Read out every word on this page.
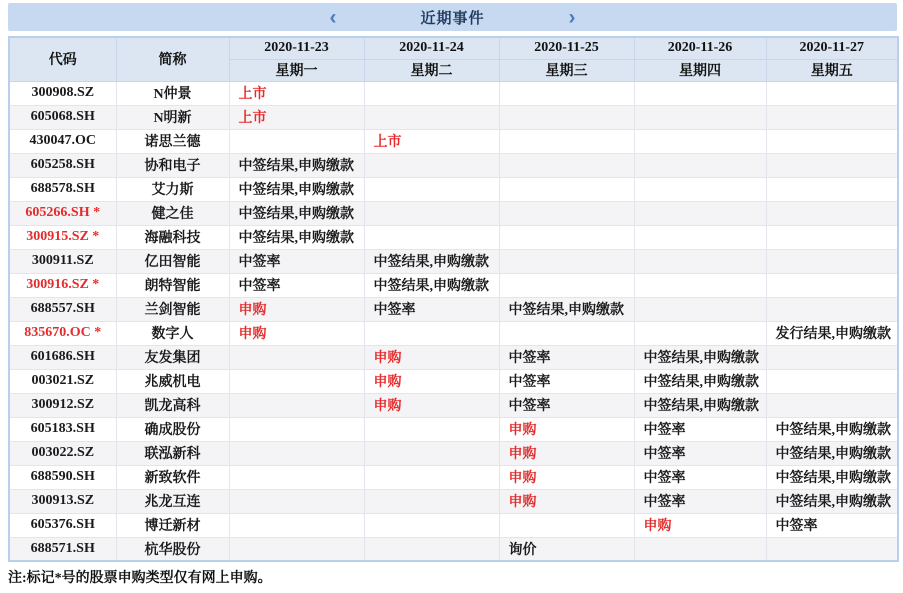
‹	近期事件	›
代码	简称	2020-11-23	2020-11-24	2020-11-25	2020-11-26	2020-11-27
		星期一	星期二	星期三	星期四	星期五
300908.SZ	N仲景	上市				
605068.SH	N明新	上市				
430047.OC	诺思兰德		上市			
605258.SH	协和电子	中签结果,申购缴款				
688578.SH	艾力斯	中签结果,申购缴款				
605266.SH *	健之佳	中签结果,申购缴款				
300915.SZ *	海融科技	中签结果,申购缴款				
300911.SZ	亿田智能	中签率	中签结果,申购缴款			
300916.SZ *	朗特智能	中签率	中签结果,申购缴款			
688557.SH	兰剑智能	申购	中签率	中签结果,申购缴款		
835670.OC *	数字人	申购				发行结果,申购缴款
601686.SH	友发集团		申购	中签率	中签结果,申购缴款	
003021.SZ	兆威机电		申购	中签率	中签结果,申购缴款	
300912.SZ	凯龙高科		申购	中签率	中签结果,申购缴款	
605183.SH	确成股份			申购	中签率	中签结果,申购缴款
003022.SZ	联泓新科			申购	中签率	中签结果,申购缴款
688590.SH	新致软件			申购	中签率	中签结果,申购缴款
300913.SZ	兆龙互连			申购	中签率	中签结果,申购缴款
605376.SH	博迁新材				申购	中签率
688571.SH	杭华股份			询价		
注:标记*号的股票申购类型仅有网上申购。
